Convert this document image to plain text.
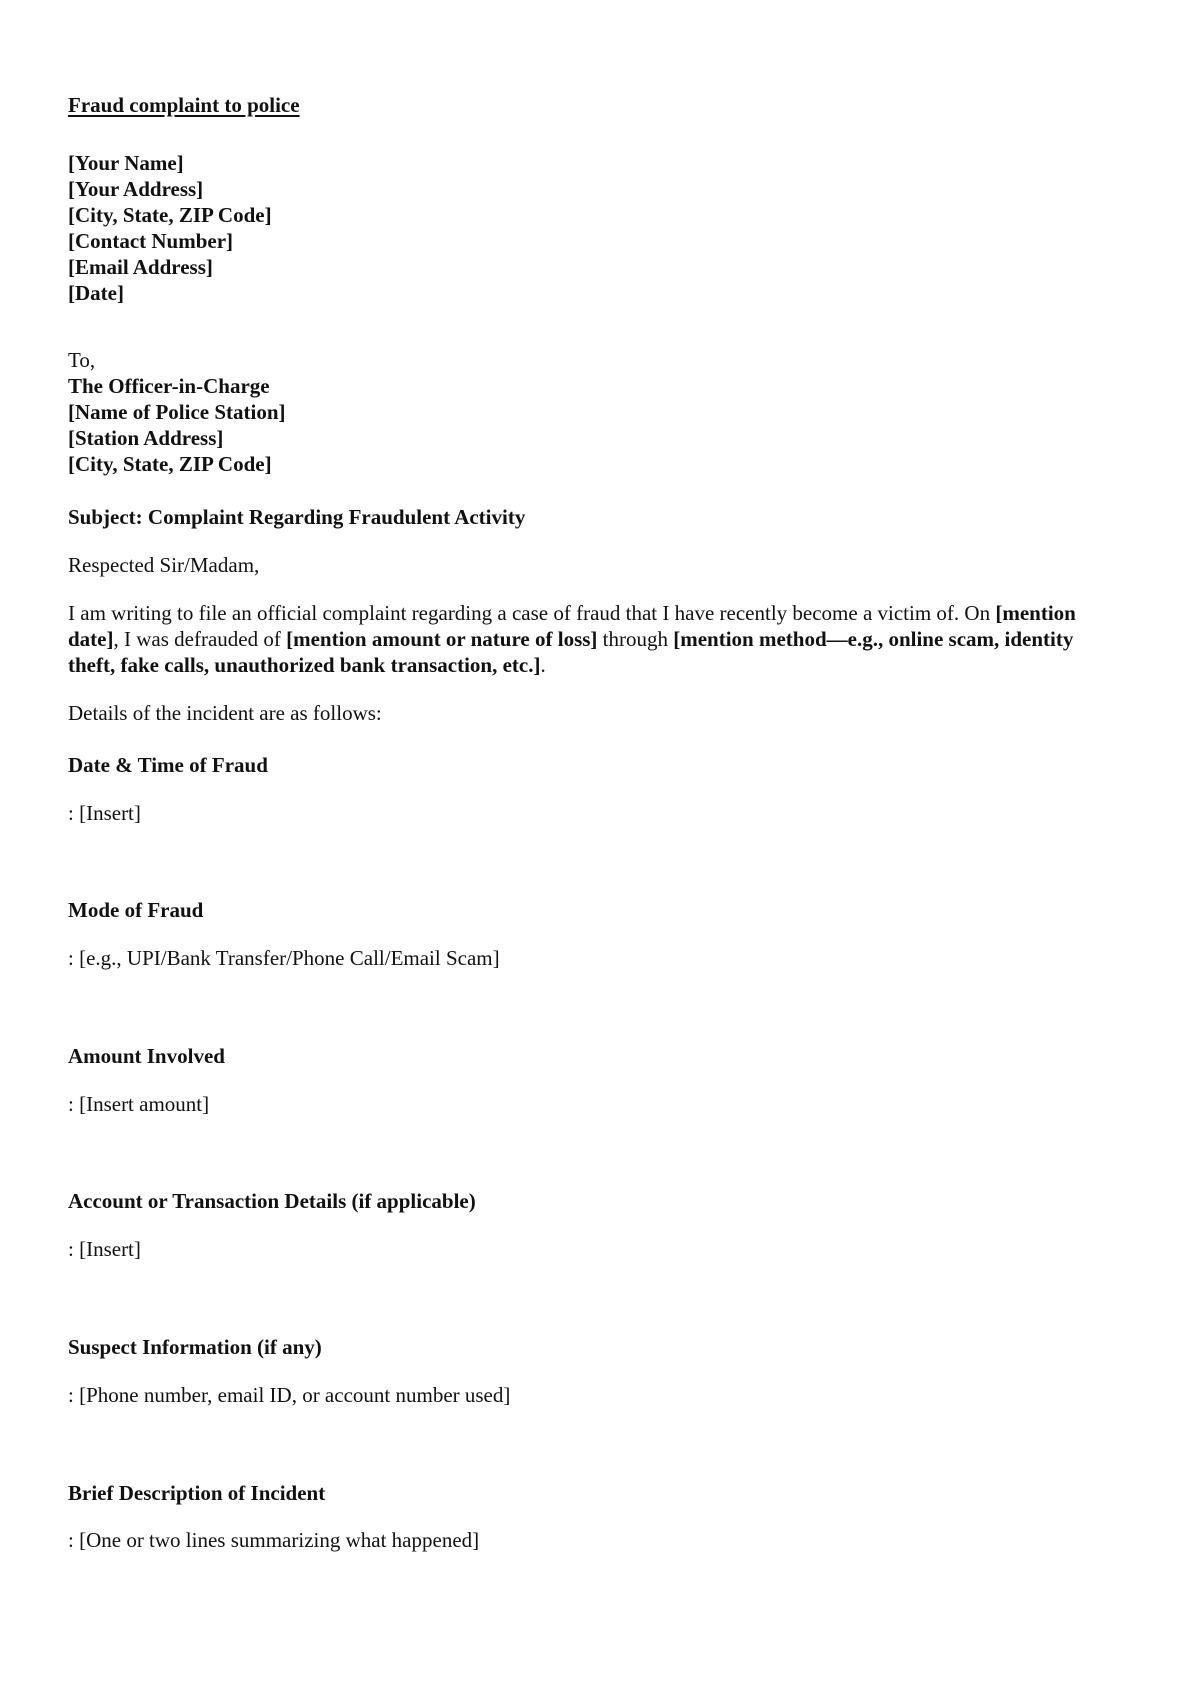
Fraud complaint to police
[Your Name]
[Your Address]
[City, State, ZIP Code]
[Contact Number]
[Email Address]
[Date]
To,
The Officer-in-Charge
[Name of Police Station]
[Station Address]
[City, State, ZIP Code]
Subject: Complaint Regarding Fraudulent Activity
Respected Sir/Madam,
I am writing to file an official complaint regarding a case of fraud that I have recently become a victim of. On [mention date], I was defrauded of [mention amount or nature of loss] through [mention method—e.g., online scam, identity theft, fake calls, unauthorized bank transaction, etc.].
Details of the incident are as follows:
Date & Time of Fraud
: [Insert]
Mode of Fraud
: [e.g., UPI/Bank Transfer/Phone Call/Email Scam]
Amount Involved
: [Insert amount]
Account or Transaction Details (if applicable)
: [Insert]
Suspect Information (if any)
: [Phone number, email ID, or account number used]
Brief Description of Incident
: [One or two lines summarizing what happened]
